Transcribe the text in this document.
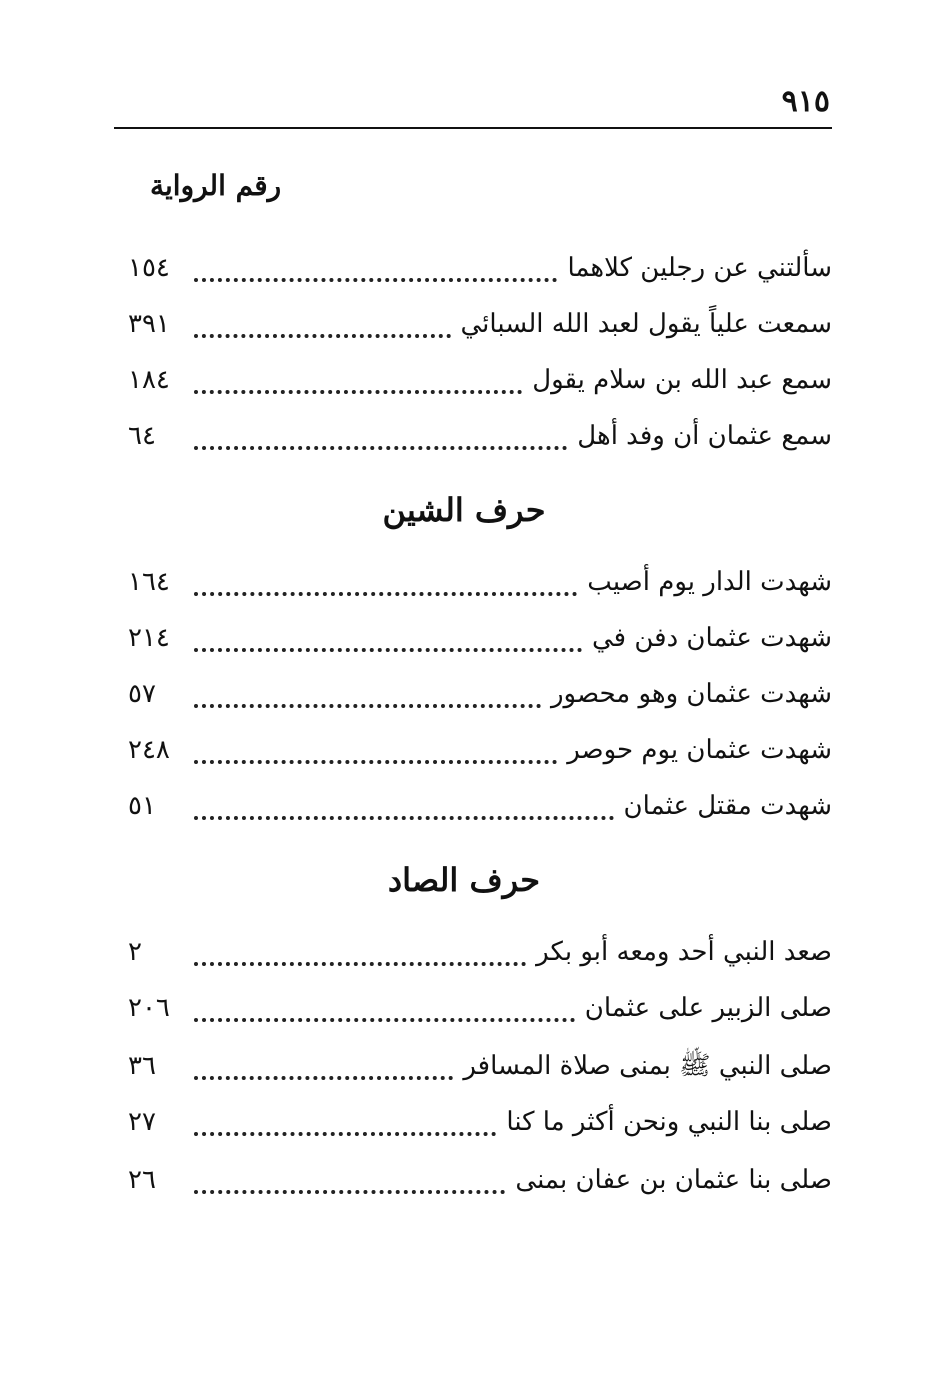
٩١٥
رقم الرواية
سألتني عن رجلين كلاهما
١٥٤
سمعت علياً يقول لعبد الله السبائي
٣٩١
سمع عبد الله بن سلام يقول
١٨٤
سمع عثمان أن وفد أهل
٦٤
حرف الشين
شهدت الدار يوم أصيب
١٦٤
شهدت عثمان دفن في
٢١٤
شهدت عثمان وهو محصور
٥٧
شهدت عثمان يوم حوصر
٢٤٨
شهدت مقتل عثمان
٥١
حرف الصاد
صعد النبي أحد ومعه أبو بكر
٢
صلى الزبير على عثمان
٢٠٦
صلى النبي ﷺ بمنى صلاة المسافر
٣٦
صلى بنا النبي ونحن أكثر ما كنا
٢٧
صلى بنا عثمان بن عفان بمنى
٢٦
